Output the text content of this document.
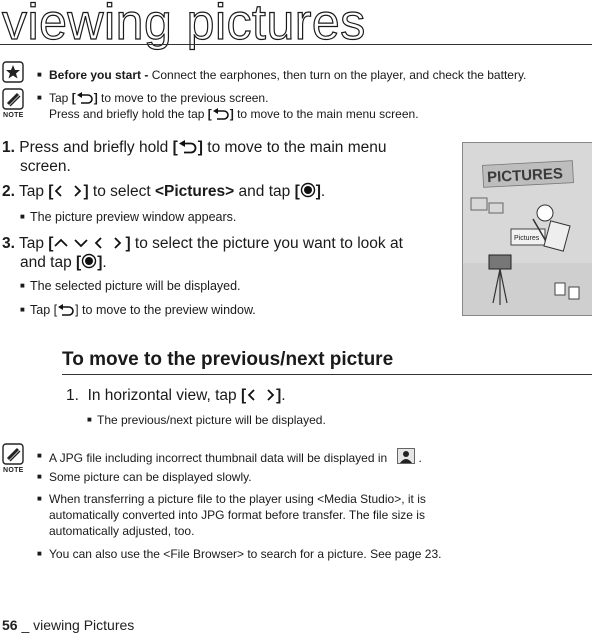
viewing pictures
NOTE
■ Before you start - Connect the earphones, then turn on the player, and check the battery.
■ Tap [ ] to move to the previous screen.
Press and briefly hold the tap [ ] to move to the main menu screen.
1. Press and briefly hold [ ] to move to the main menu
screen.
2. Tap [ ] to select <Pictures> and tap [ ].
■ The picture preview window appears.
3. Tap [	] to select the picture you want to look at
and tap [ ].
■ The selected picture will be displayed.
■ Tap [ ] to move to the preview window.
PICTURES
Pictures
To move to the previous/next picture
1. In horizontal view, tap [ ].
■ The previous/next picture will be displayed.
NOTE
■ A JPG file including incorrect thumbnail data will be displayed in	.
■ Some picture can be displayed slowly.
■ When transferring a picture file to the player using <Media Studio>, it is
automatically converted into JPG format before transfer. The file size is
automatically adjusted, too.
■ You can also use the <File Browser> to search for a picture. See page 23.
56 _ viewing Pictures
